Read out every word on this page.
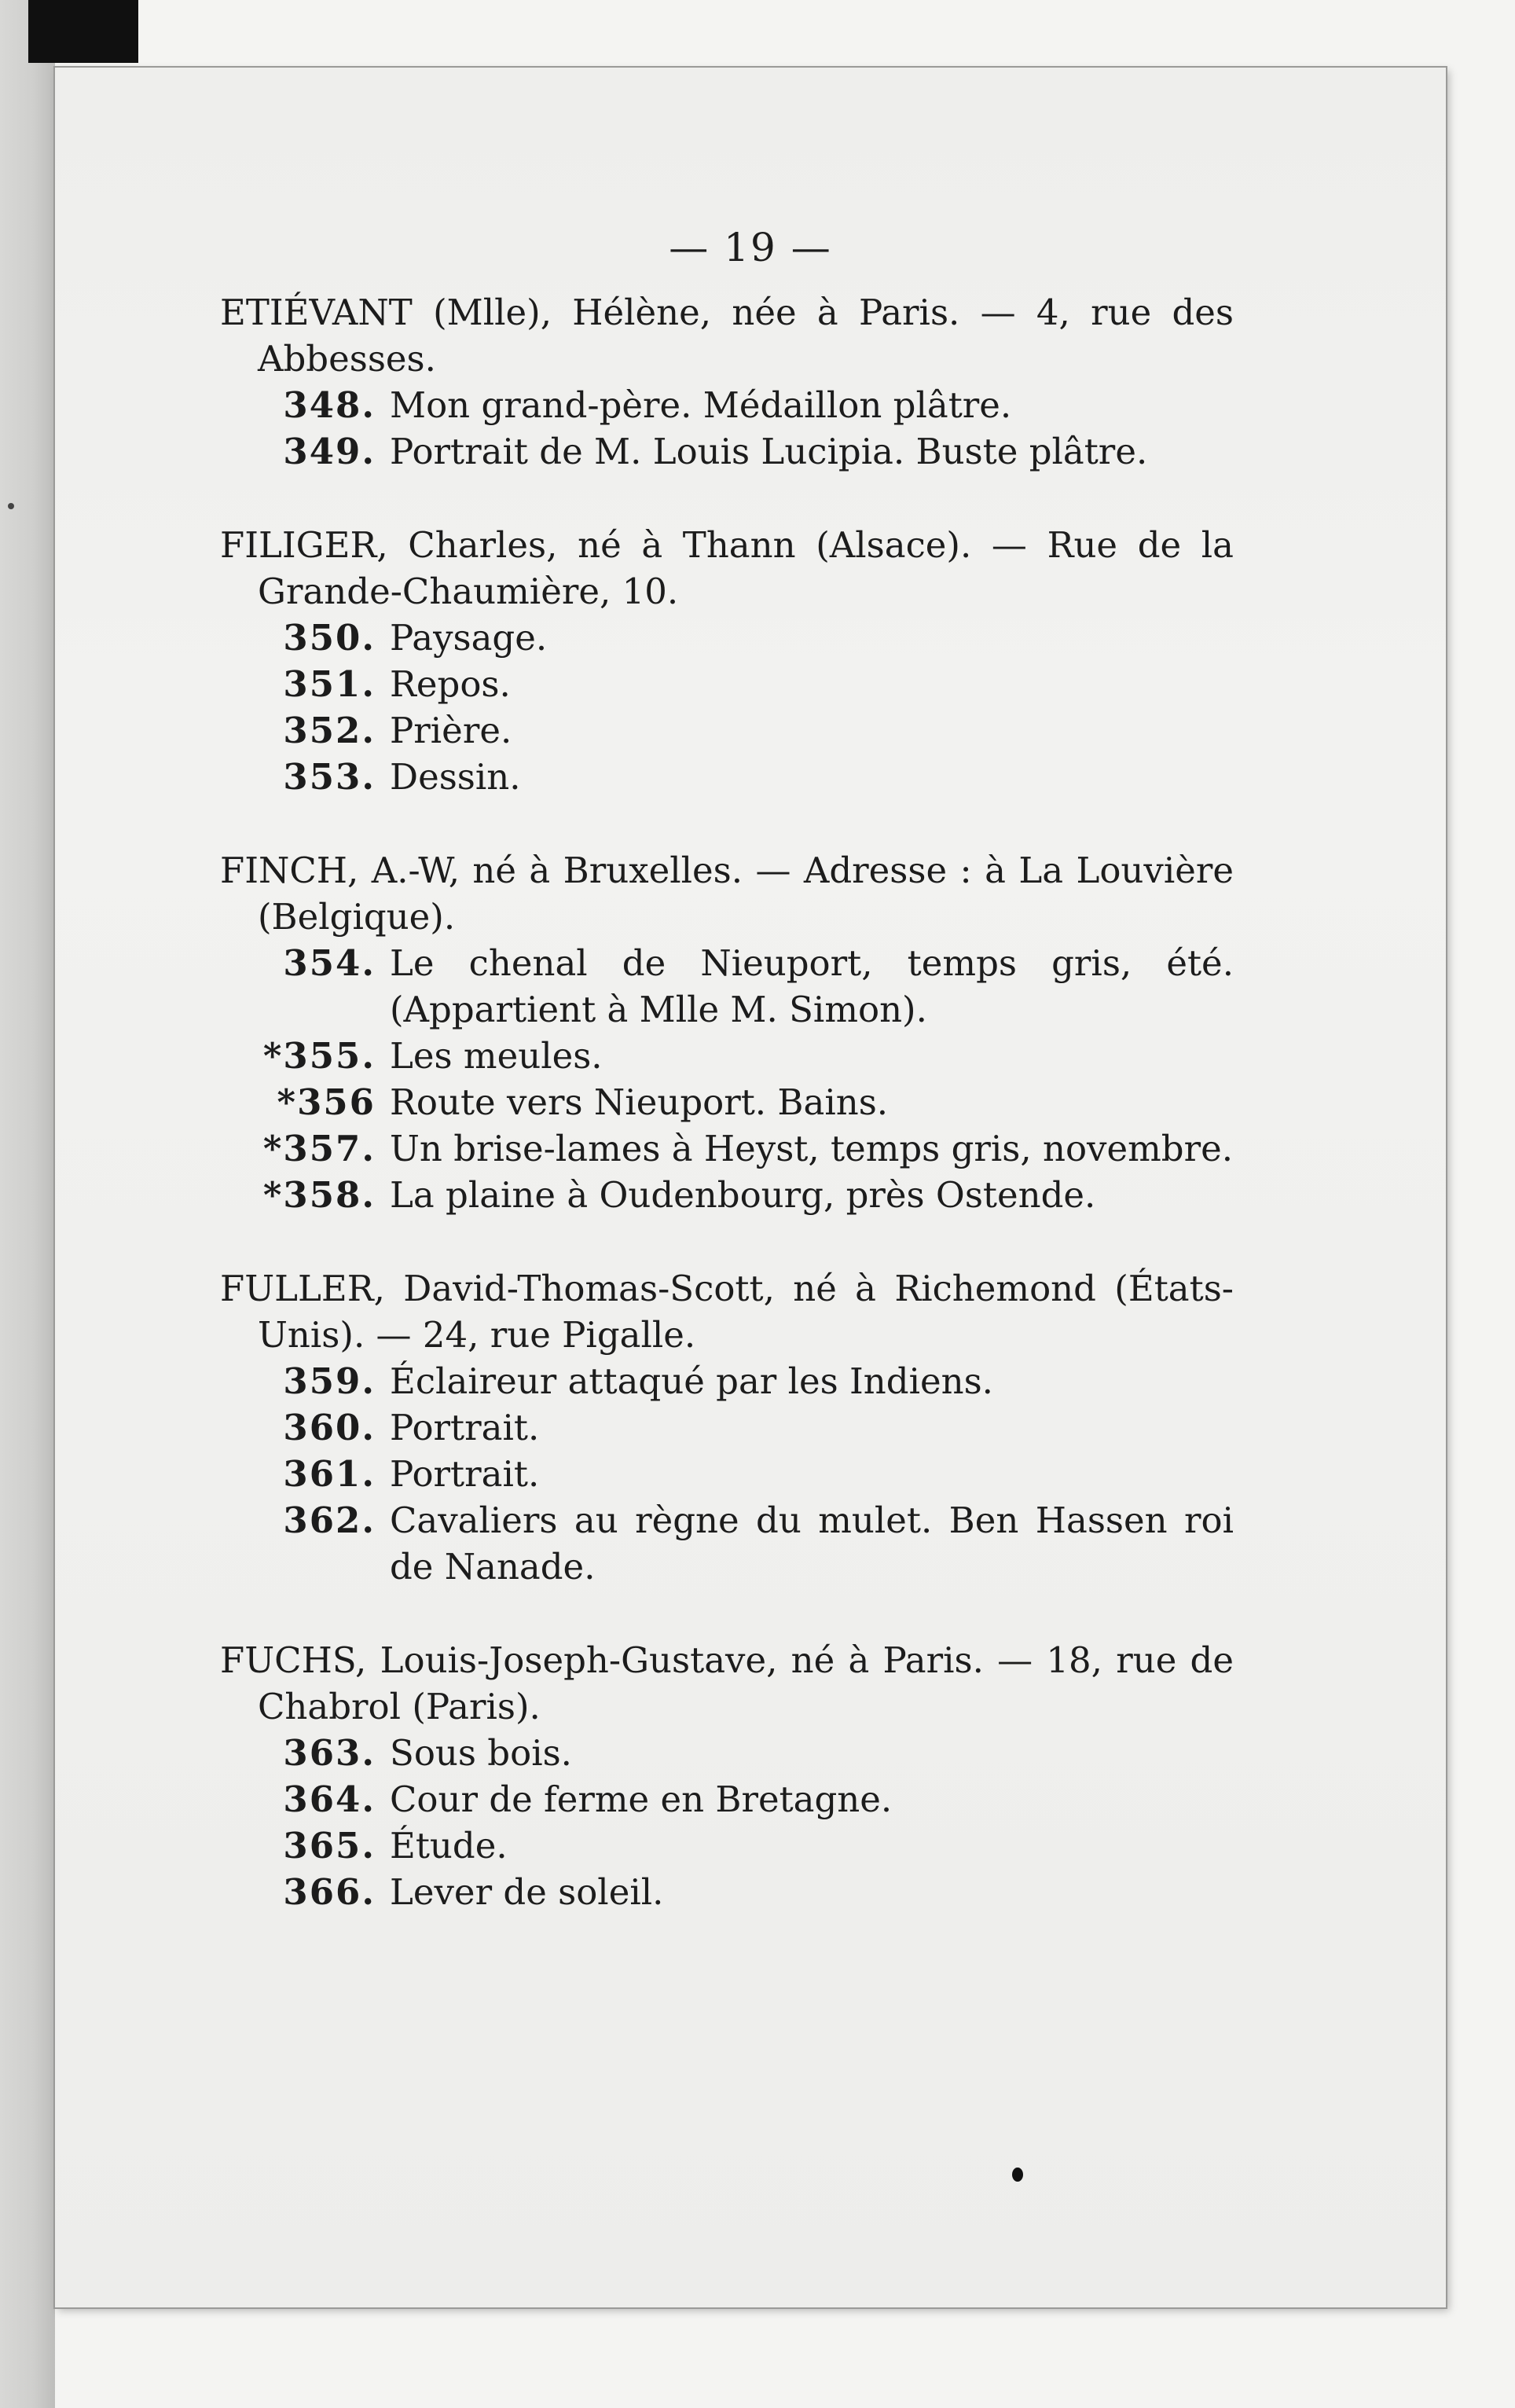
— 19 —
ETIÉVANT (Mlle), Hélène, née à Paris. — 4, rue des Abbesses.
348. Mon grand-père. Médaillon plâtre.
349. Portrait de M. Louis Lucipia. Buste plâtre.
FILIGER, Charles, né à Thann (Alsace). — Rue de la Grande-Chaumière, 10.
350. Paysage.
351. Repos.
352. Prière.
353. Dessin.
FINCH, A.-W, né à Bruxelles. — Adresse : à La Louvière (Belgique).
354. Le chenal de Nieuport, temps gris, été. (Appartient à Mlle M. Simon).
*355. Les meules.
*356 Route vers Nieuport. Bains.
*357. Un brise-lames à Heyst, temps gris, novembre.
*358. La plaine à Oudenbourg, près Ostende.
FULLER, David-Thomas-Scott, né à Richemond (États-Unis). — 24, rue Pigalle.
359. Éclaireur attaqué par les Indiens.
360. Portrait.
361. Portrait.
362. Cavaliers au règne du mulet. Ben Hassen roi de Nanade.
FUCHS, Louis-Joseph-Gustave, né à Paris. — 18, rue de Chabrol (Paris).
363. Sous bois.
364. Cour de ferme en Bretagne.
365. Étude.
366. Lever de soleil.
